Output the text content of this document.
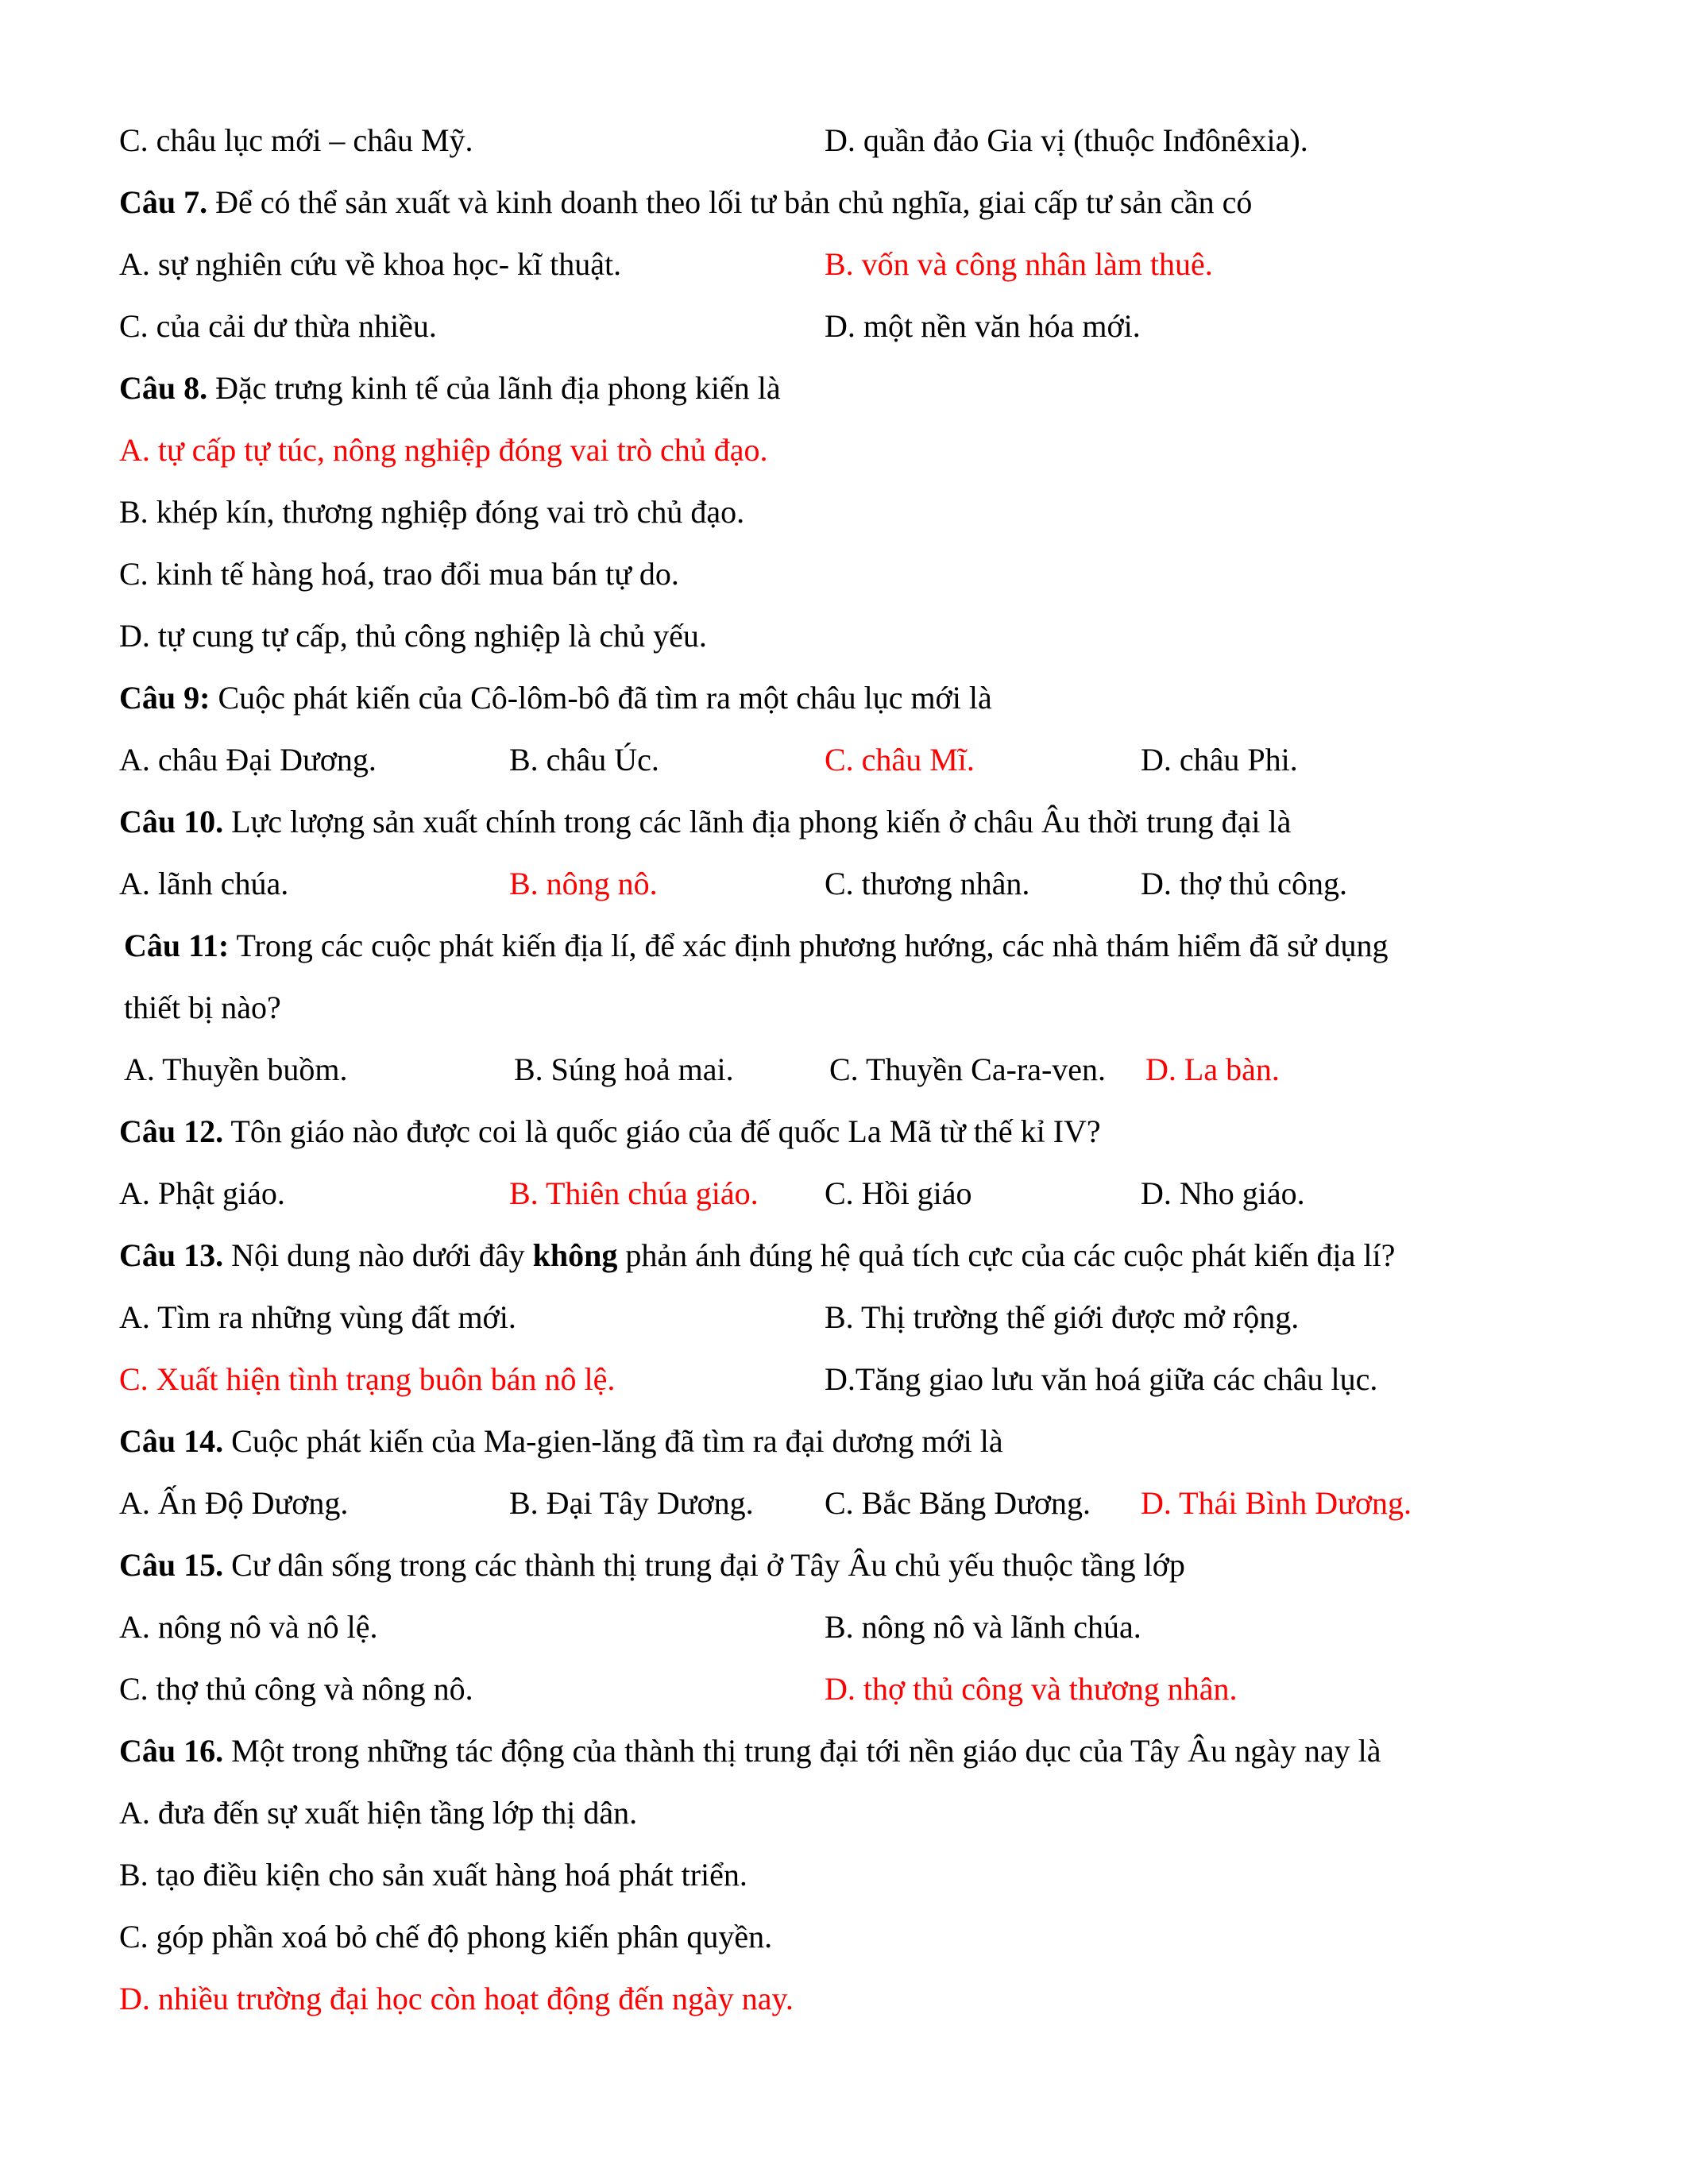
C. châu lục mới – châu Mỹ.	D. quần đảo Gia vị (thuộc Inđônêxia).
Câu 7. Để có thể sản xuất và kinh doanh theo lối tư bản chủ nghĩa, giai cấp tư sản cần có
A. sự nghiên cứu về khoa học- kĩ thuật.	B. vốn và công nhân làm thuê.
C. của cải dư thừa nhiều.	D. một nền văn hóa mới.
Câu 8. Đặc trưng kinh tế của lãnh địa phong kiến là
A. tự cấp tự túc, nông nghiệp đóng vai trò chủ đạo.
B. khép kín, thương nghiệp đóng vai trò chủ đạo.
C. kinh tế hàng hoá, trao đổi mua bán tự do.
D. tự cung tự cấp, thủ công nghiệp là chủ yếu.
Câu 9: Cuộc phát kiến của Cô-lôm-bô đã tìm ra một châu lục mới là
A. châu Đại Dương.	B. châu Úc.	C. châu Mĩ.	D. châu Phi.
Câu 10. Lực lượng sản xuất chính trong các lãnh địa phong kiến ở châu Âu thời trung đại là
A. lãnh chúa.	B. nông nô.	C. thương nhân.	D. thợ thủ công.
Câu 11: Trong các cuộc phát kiến địa lí, để xác định phương hướng, các nhà thám hiểm đã sử dụng
thiết bị nào?
A. Thuyền buồm.	B. Súng hoả mai.	C. Thuyền Ca-ra-ven. D. La bàn.
Câu 12. Tôn giáo nào được coi là quốc giáo của đế quốc La Mã từ thế kỉ IV?
A. Phật giáo.	B. Thiên chúa giáo. C. Hồi giáo	D. Nho giáo.
Câu 13. Nội dung nào dưới đây không phản ánh đúng hệ quả tích cực của các cuộc phát kiến địa lí?
A. Tìm ra những vùng đất mới.	B. Thị trường thế giới được mở rộng.
C. Xuất hiện tình trạng buôn bán nô lệ.	D.Tăng giao lưu văn hoá giữa các châu lục.
Câu 14. Cuộc phát kiến của Ma-gien-lăng đã tìm ra đại dương mới là
A. Ấn Độ Dương.	B. Đại Tây Dương. C. Bắc Băng Dương. D. Thái Bình Dương.
Câu 15. Cư dân sống trong các thành thị trung đại ở Tây Âu chủ yếu thuộc tầng lớp
A. nông nô và nô lệ.	B. nông nô và lãnh chúa.
C. thợ thủ công và nông nô.	D. thợ thủ công và thương nhân.
Câu 16. Một trong những tác động của thành thị trung đại tới nền giáo dục của Tây Âu ngày nay là
A. đưa đến sự xuất hiện tầng lớp thị dân.
B. tạo điều kiện cho sản xuất hàng hoá phát triển.
C. góp phần xoá bỏ chế độ phong kiến phân quyền.
D. nhiều trường đại học còn hoạt động đến ngày nay.
